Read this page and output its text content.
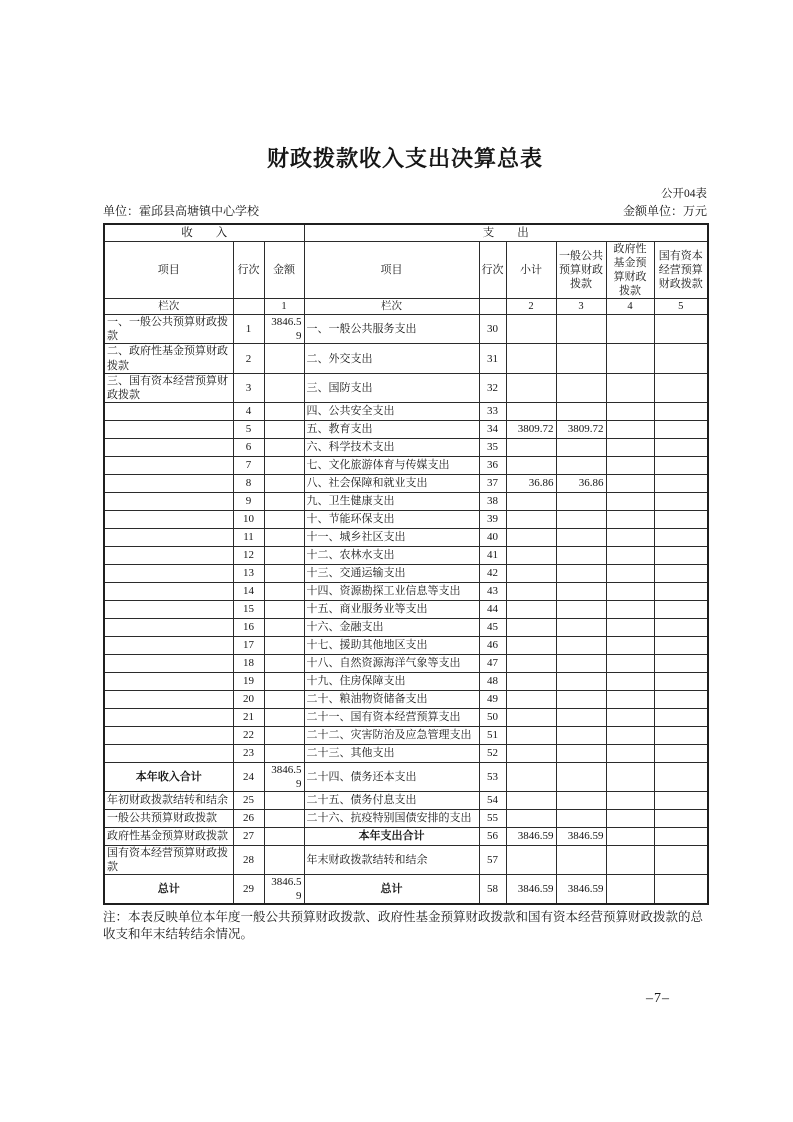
财政拨款收入支出决算总表
公开04表
单位：霍邱县高塘镇中心学校	金额单位：万元
收　　入			支　　出					
项目	行次	金额	项目	行次	小计	一般公共预算财政拨款	政府性基金预算财政拨款	国有资本经营预算财政拨款
栏次		1	栏次		2	3	4	5
一、一般公共预算财政拨款	1	3846.59	一、一般公共服务支出	30				
二、政府性基金预算财政拨款	2		二、外交支出	31				
三、国有资本经营预算财政拨款	3		三、国防支出	32				
	4		四、公共安全支出	33				
	5		五、教育支出	34	3809.72	3809.72		
	6		六、科学技术支出	35				
	7		七、文化旅游体育与传媒支出	36				
	8		八、社会保障和就业支出	37	36.86	36.86		
	9		九、卫生健康支出	38				
	10		十、节能环保支出	39				
	11		十一、城乡社区支出	40				
	12		十二、农林水支出	41				
	13		十三、交通运输支出	42				
	14		十四、资源勘探工业信息等支出	43				
	15		十五、商业服务业等支出	44				
	16		十六、金融支出	45				
	17		十七、援助其他地区支出	46				
	18		十八、自然资源海洋气象等支出	47				
	19		十九、住房保障支出	48				
	20		二十、粮油物资储备支出	49				
	21		二十一、国有资本经营预算支出	50				
	22		二十二、灾害防治及应急管理支出	51				
	23		二十三、其他支出	52				
本年收入合计	24	3846.59	二十四、债务还本支出	53				
年初财政拨款结转和结余	25		二十五、债务付息支出	54				
一般公共预算财政拨款	26		二十六、抗疫特别国债安排的支出	55				
政府性基金预算财政拨款	27		本年支出合计	56	3846.59	3846.59		
国有资本经营预算财政拨款	28		年末财政拨款结转和结余	57				
总计	29	3846.59	总计	58	3846.59	3846.59		
注：本表反映单位本年度一般公共预算财政拨款、政府性基金预算财政拨款和国有资本经营预算财政拨款的总收支和年末结转结余情况。
–7–
